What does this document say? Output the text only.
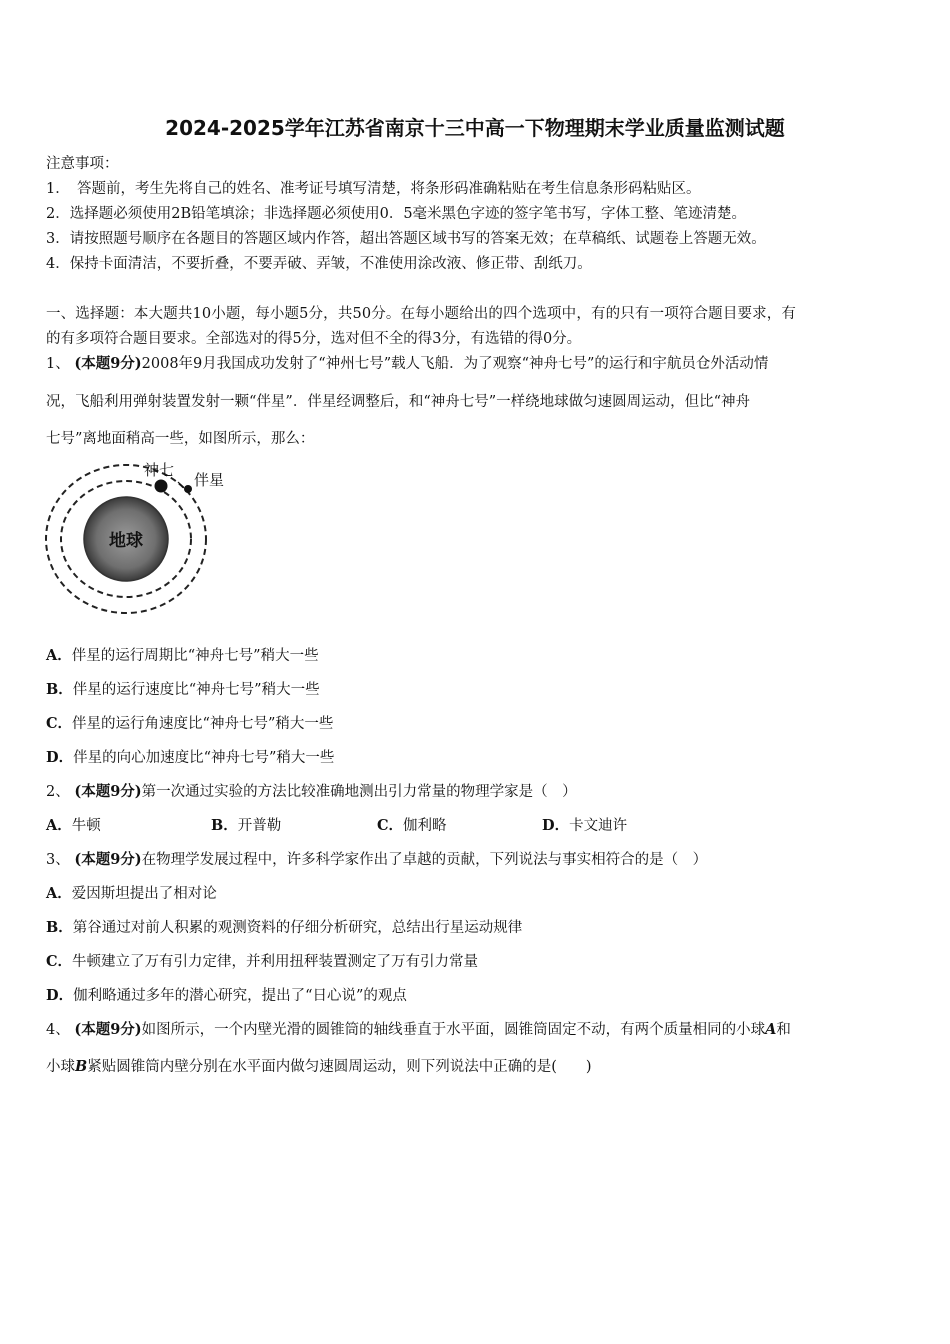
2024-2025学年江苏省南京十三中高一下物理期末学业质量监测试题
注意事项：
1．　答题前，考生先将自己的姓名、准考证号填写清楚，将条形码准确粘贴在考生信息条形码粘贴区。
2．选择题必须使用2B铅笔填涂；非选择题必须使用0．5毫米黑色字迹的签字笔书写，字体工整、笔迹清楚。
3．请按照题号顺序在各题目的答题区域内作答，超出答题区域书写的答案无效；在草稿纸、试题卷上答题无效。
4．保持卡面清洁，不要折叠，不要弄破、弄皱，不准使用涂改液、修正带、刮纸刀。
一、选择题：本大题共10小题，每小题5分，共50分。在每小题给出的四个选项中，有的只有一项符合题目要求，有
的有多项符合题目要求。全部选对的得5分，选对但不全的得3分，有选错的得0分。
1、 (本题9分)2008年9月我国成功发射了“神州七号”载人飞船．为了观察“神舟七号”的运行和宇航员仓外活动情
况，飞船利用弹射装置发射一颗“伴星”．伴星经调整后，和“神舟七号”一样绕地球做匀速圆周运动，但比“神舟
七号”离地面稍高一些，如图所示，那么：
地球
神七
伴星
A．伴星的运行周期比“神舟七号”稍大一些
B．伴星的运行速度比“神舟七号”稍大一些
C．伴星的运行角速度比“神舟七号”稍大一些
D．伴星的向心加速度比“神舟七号”稍大一些
2、 (本题9分)第一次通过实验的方法比较准确地测出引力常量的物理学家是（　）
A．牛顿	B．开普勒	C．伽利略	D．卡文迪许
3、 (本题9分)在物理学发展过程中，许多科学家作出了卓越的贡献，下列说法与事实相符合的是（　）
A．爱因斯坦提出了相对论
B．第谷通过对前人积累的观测资料的仔细分析研究，总结出行星运动规律
C．牛顿建立了万有引力定律，并利用扭秤装置测定了万有引力常量
D．伽利略通过多年的潜心研究，提出了“日心说”的观点
4、 (本题9分)如图所示，一个内壁光滑的圆锥筒的轴线垂直于水平面，圆锥筒固定不动，有两个质量相同的小球A和
小球B紧贴圆锥筒内壁分别在水平面内做匀速圆周运动，则下列说法中正确的是(　　)
